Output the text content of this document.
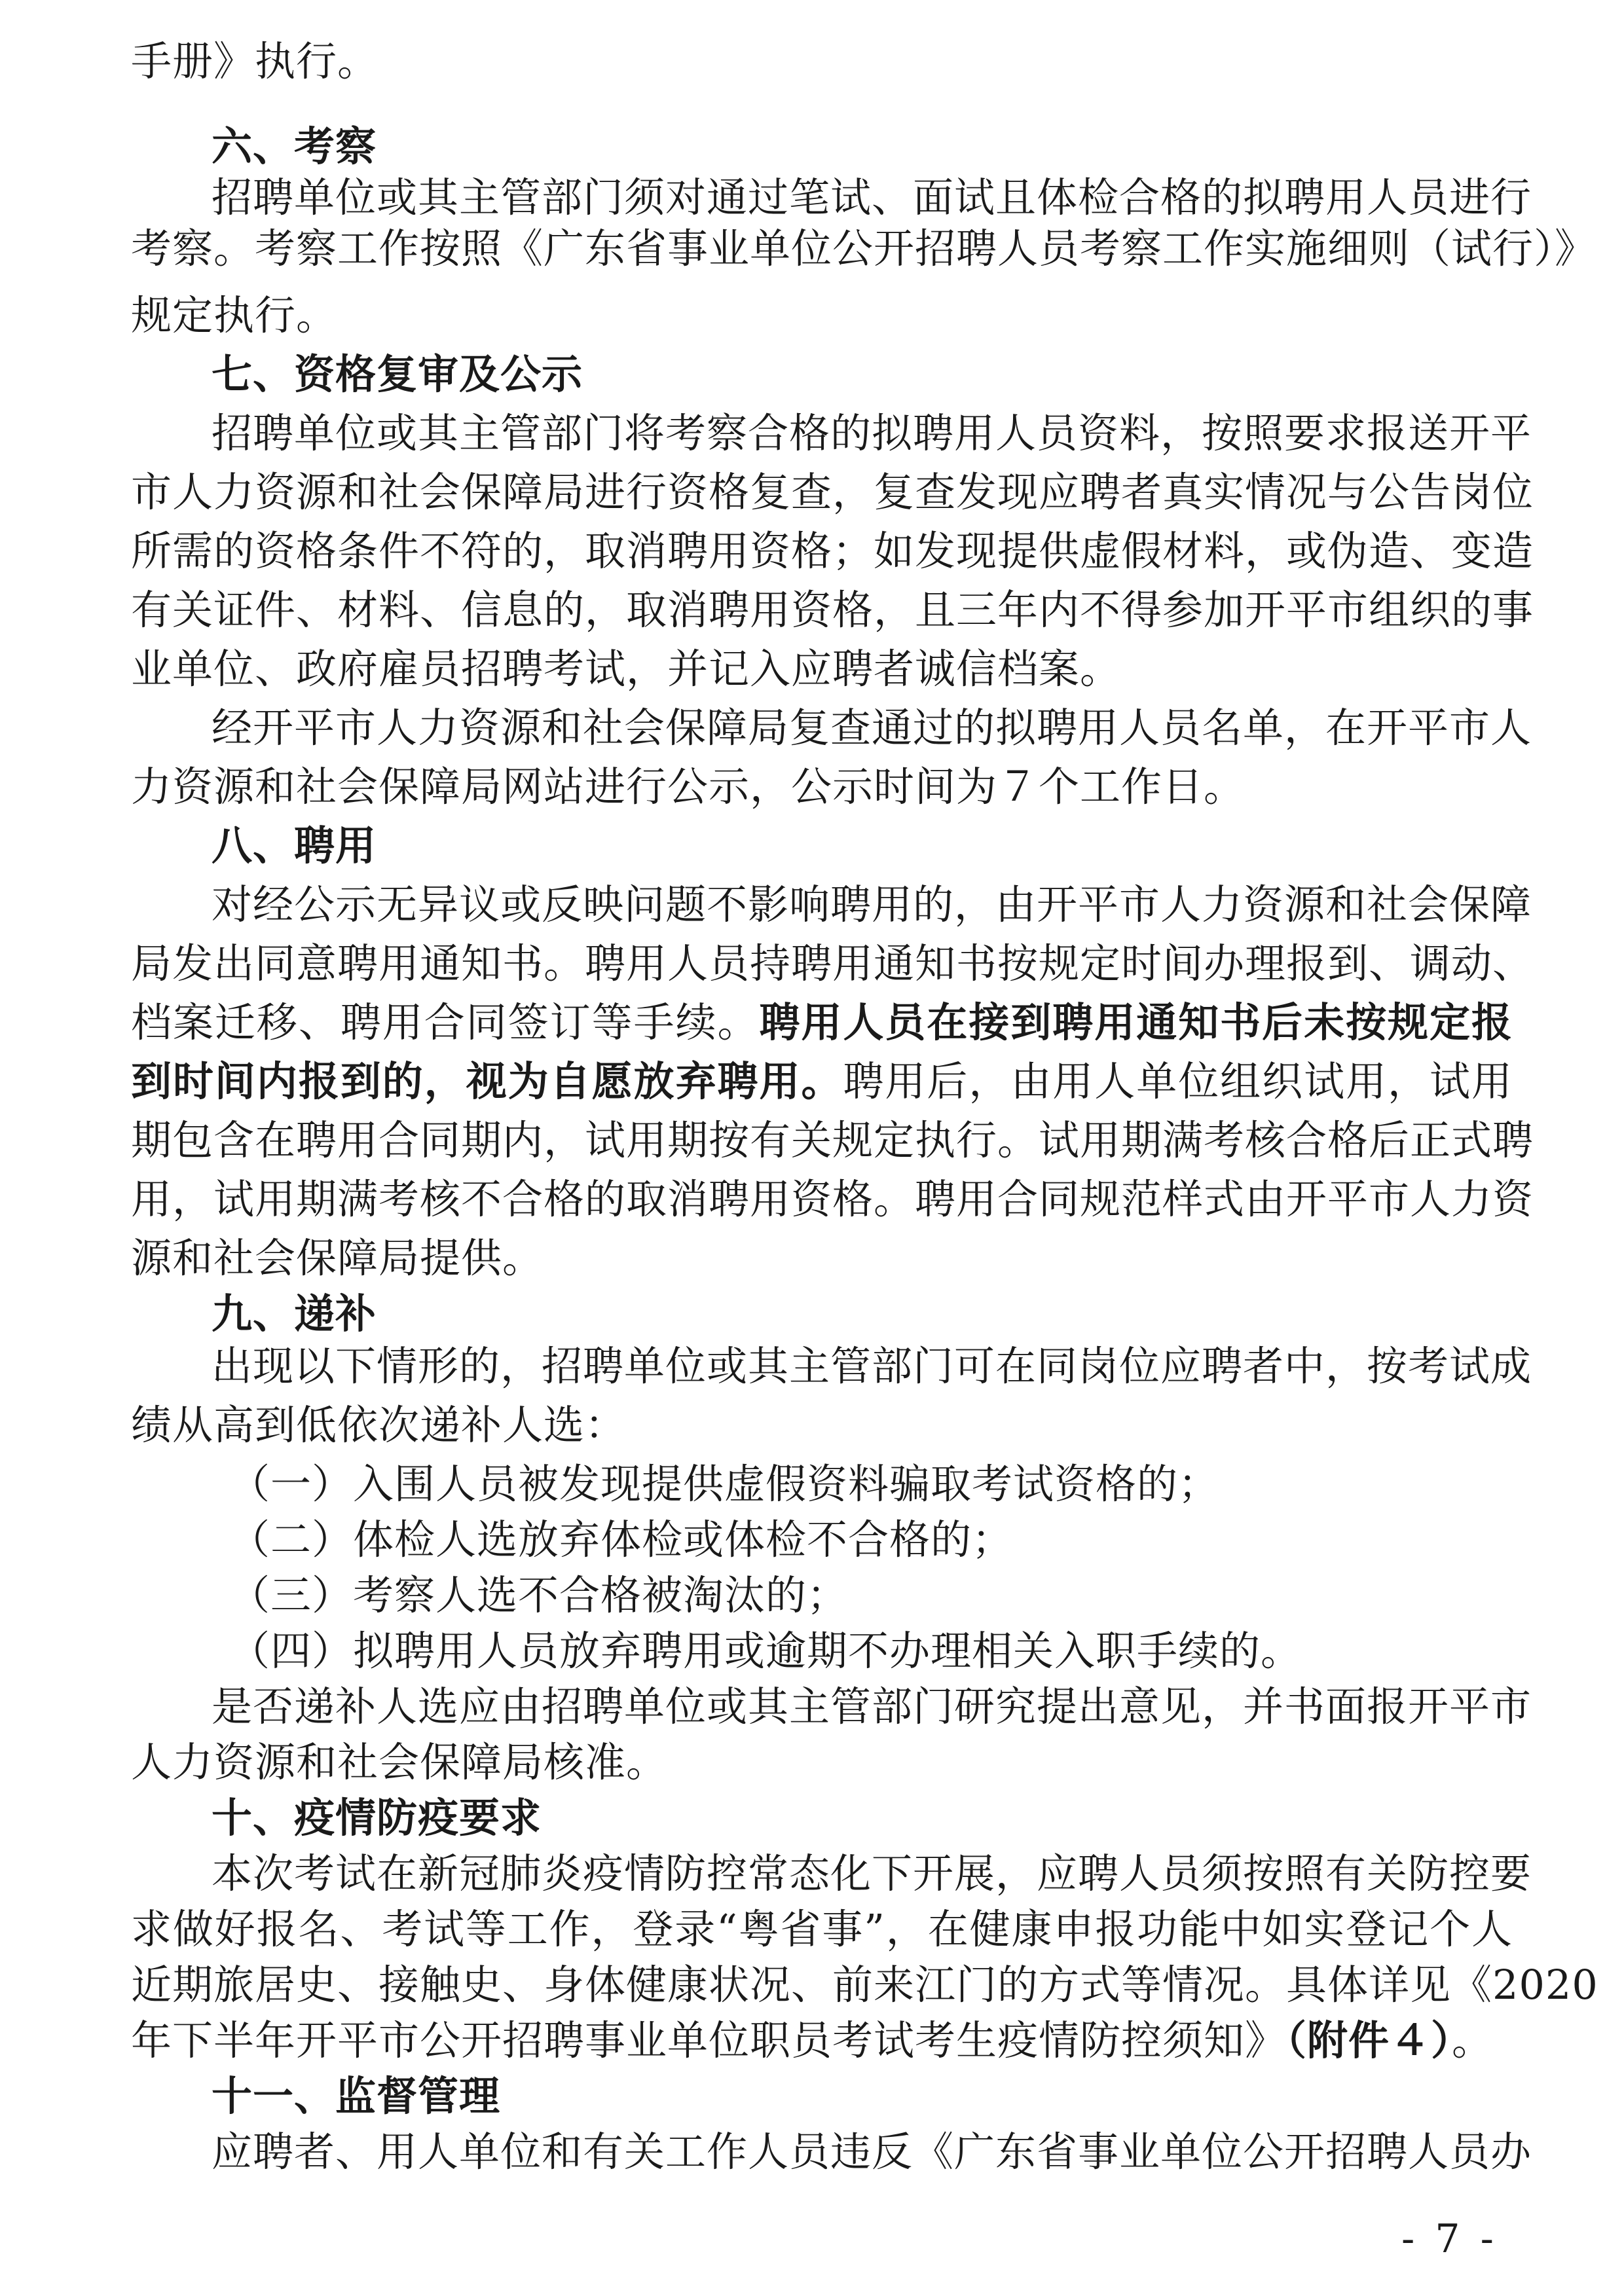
手册》执行。
六、考察
招聘单位或其主管部门须对通过笔试、面试且体检合格的拟聘用人员进行
考察。考察工作按照《广东省事业单位公开招聘人员考察工作实施细则（试行）》
规定执行。
七、资格复审及公示
招聘单位或其主管部门将考察合格的拟聘用人员资料，按照要求报送开平
市人力资源和社会保障局进行资格复查，复查发现应聘者真实情况与公告岗位
所需的资格条件不符的，取消聘用资格；如发现提供虚假材料，或伪造、变造
有关证件、材料、信息的，取消聘用资格，且三年内不得参加开平市组织的事
业单位、政府雇员招聘考试，并记入应聘者诚信档案。
经开平市人力资源和社会保障局复查通过的拟聘用人员名单，在开平市人
力资源和社会保障局网站进行公示，公示时间为７个工作日。
八、聘用
对经公示无异议或反映问题不影响聘用的，由开平市人力资源和社会保障
局发出同意聘用通知书。聘用人员持聘用通知书按规定时间办理报到、调动、
档案迁移、聘用合同签订等手续。聘用人员在接到聘用通知书后未按规定报
到时间内报到的，视为自愿放弃聘用。聘用后，由用人单位组织试用，试用
期包含在聘用合同期内，试用期按有关规定执行。试用期满考核合格后正式聘
用，试用期满考核不合格的取消聘用资格。聘用合同规范样式由开平市人力资
源和社会保障局提供。
九、递补
出现以下情形的，招聘单位或其主管部门可在同岗位应聘者中，按考试成
绩从高到低依次递补人选：
（一）入围人员被发现提供虚假资料骗取考试资格的；
（二）体检人选放弃体检或体检不合格的；
（三）考察人选不合格被淘汰的；
（四）拟聘用人员放弃聘用或逾期不办理相关入职手续的。
是否递补人选应由招聘单位或其主管部门研究提出意见，并书面报开平市
人力资源和社会保障局核准。
十、疫情防疫要求
本次考试在新冠肺炎疫情防控常态化下开展，应聘人员须按照有关防控要
求做好报名、考试等工作，登录“粤省事”，在健康申报功能中如实登记个人
近期旅居史、接触史、身体健康状况、前来江门的方式等情况。具体详见《2020
年下半年开平市公开招聘事业单位职员考试考生疫情防控须知》（附件４）。
十一、监督管理
应聘者、用人单位和有关工作人员违反《广东省事业单位公开招聘人员办
- 7 -
